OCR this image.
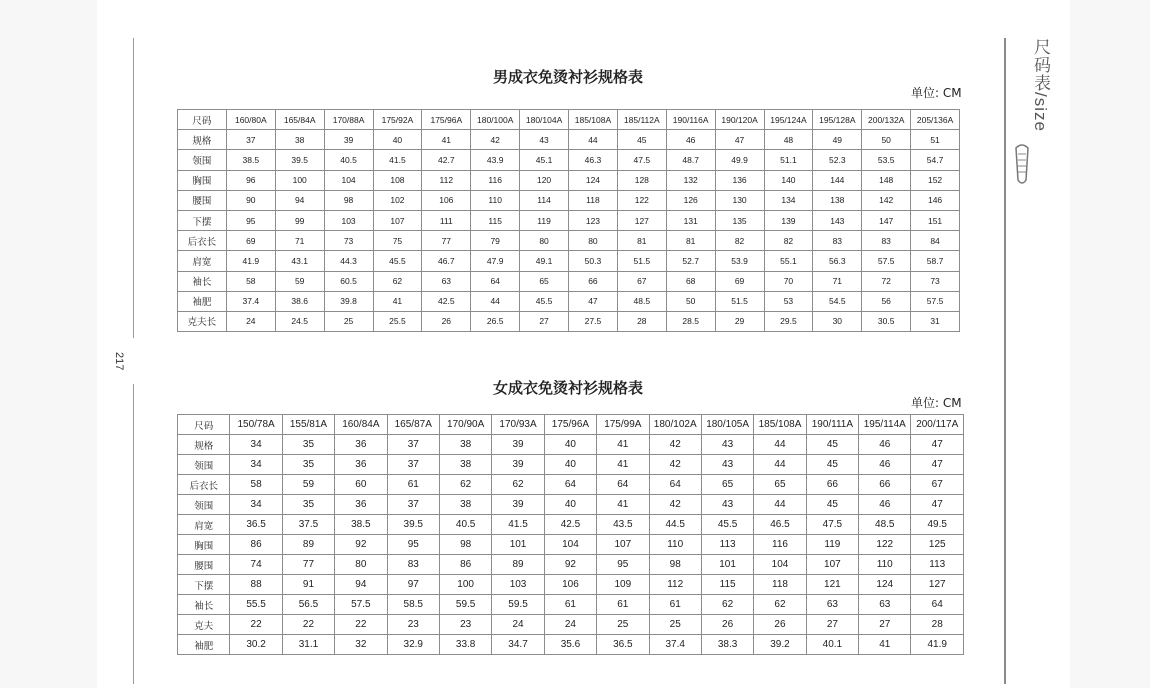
217
尺码表/size
男成衣免烫衬衫规格表
单位: CM
尺码	160/80A	165/84A	170/88A	175/92A	175/96A	180/100A	180/104A	185/108A	185/112A	190/116A	190/120A	195/124A	195/128A	200/132A	205/136A
规格	37	38	39	40	41	42	43	44	45	46	47	48	49	50	51
领围	38.5	39.5	40.5	41.5	42.7	43.9	45.1	46.3	47.5	48.7	49.9	51.1	52.3	53.5	54.7
胸围	96	100	104	108	112	116	120	124	128	132	136	140	144	148	152
腰围	90	94	98	102	106	110	114	118	122	126	130	134	138	142	146
下摆	95	99	103	107	111	115	119	123	127	131	135	139	143	147	151
后衣长	69	71	73	75	77	79	80	80	81	81	82	82	83	83	84
肩宽	41.9	43.1	44.3	45.5	46.7	47.9	49.1	50.3	51.5	52.7	53.9	55.1	56.3	57.5	58.7
袖长	58	59	60.5	62	63	64	65	66	67	68	69	70	71	72	73
袖肥	37.4	38.6	39.8	41	42.5	44	45.5	47	48.5	50	51.5	53	54.5	56	57.5
克夫长	24	24.5	25	25.5	26	26.5	27	27.5	28	28.5	29	29.5	30	30.5	31
女成衣免烫衬衫规格表
单位: CM
尺码	150/78A	155/81A	160/84A	165/87A	170/90A	170/93A	175/96A	175/99A	180/102A	180/105A	185/108A	190/111A	195/114A	200/117A
规格	34	35	36	37	38	39	40	41	42	43	44	45	46	47
领围	34	35	36	37	38	39	40	41	42	43	44	45	46	47
后衣长	58	59	60	61	62	62	64	64	64	65	65	66	66	67
领围	34	35	36	37	38	39	40	41	42	43	44	45	46	47
肩宽	36.5	37.5	38.5	39.5	40.5	41.5	42.5	43.5	44.5	45.5	46.5	47.5	48.5	49.5
胸围	86	89	92	95	98	101	104	107	110	113	116	119	122	125
腰围	74	77	80	83	86	89	92	95	98	101	104	107	110	113
下摆	88	91	94	97	100	103	106	109	112	115	118	121	124	127
袖长	55.5	56.5	57.5	58.5	59.5	59.5	61	61	61	62	62	63	63	64
克夫	22	22	22	23	23	24	24	25	25	26	26	27	27	28
袖肥	30.2	31.1	32	32.9	33.8	34.7	35.6	36.5	37.4	38.3	39.2	40.1	41	41.9
